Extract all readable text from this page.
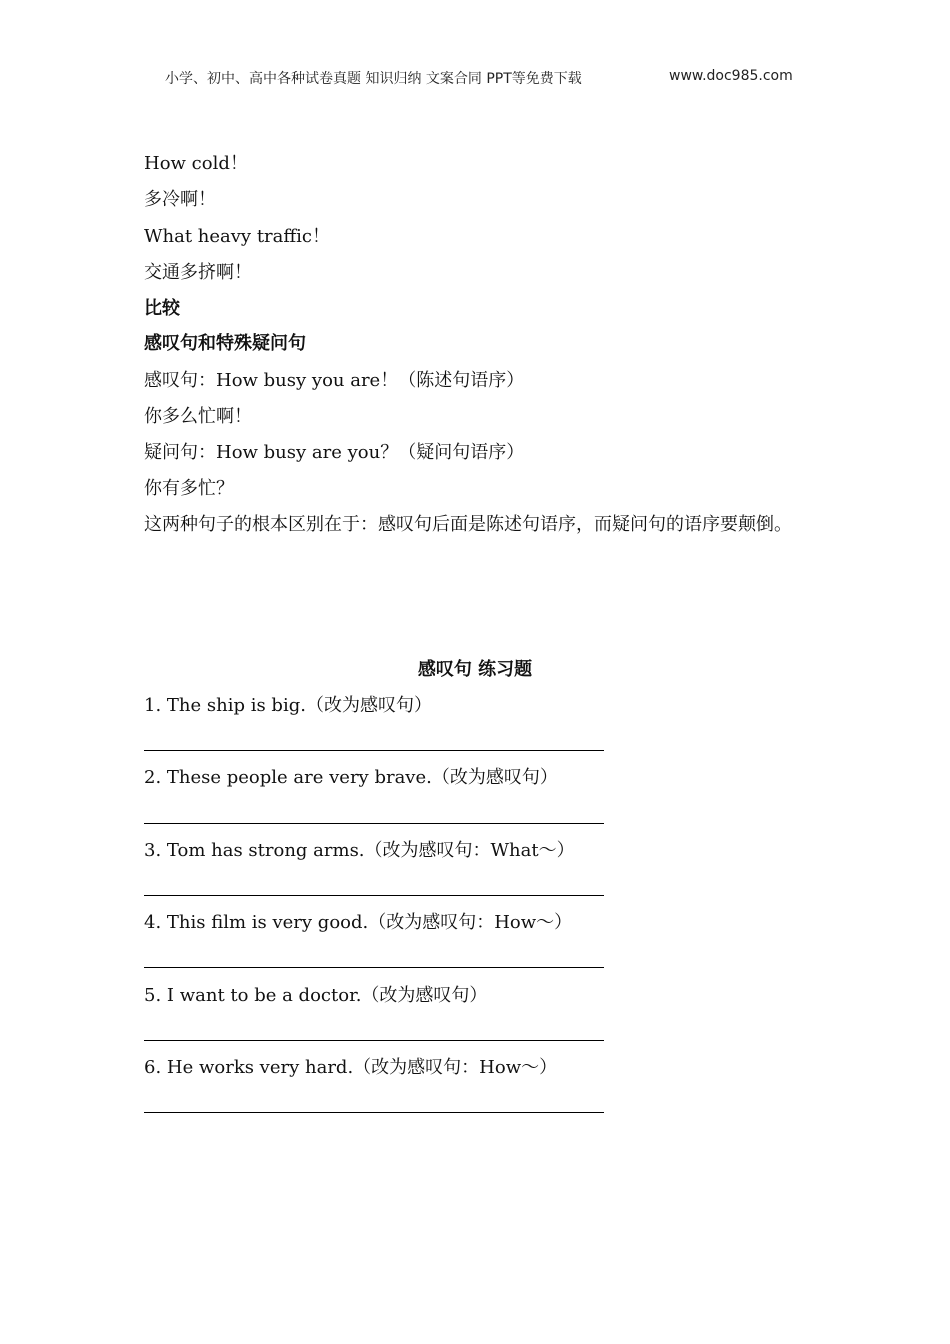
小学、初中、高中各种试卷真题 知识归纳 文案合同 PPT等免费下载	www.doc985.com
How cold！
多冷啊！
What heavy traffic！
交通多挤啊！
比较
感叹句和特殊疑问句
感叹句：How busy you are！（陈述句语序）
你多么忙啊！
疑问句：How busy are you？（疑问句语序）
你有多忙？
这两种句子的根本区别在于：感叹句后面是陈述句语序，而疑问句的语序要颠倒。
感叹句 练习题
1. The ship is big.（改为感叹句）
2. These people are very brave.（改为感叹句）
3. Tom has strong arms.（改为感叹句：What～）
4. This film is very good.（改为感叹句：How～）
5. I want to be a doctor.（改为感叹句）
6. He works very hard.（改为感叹句：How～）
